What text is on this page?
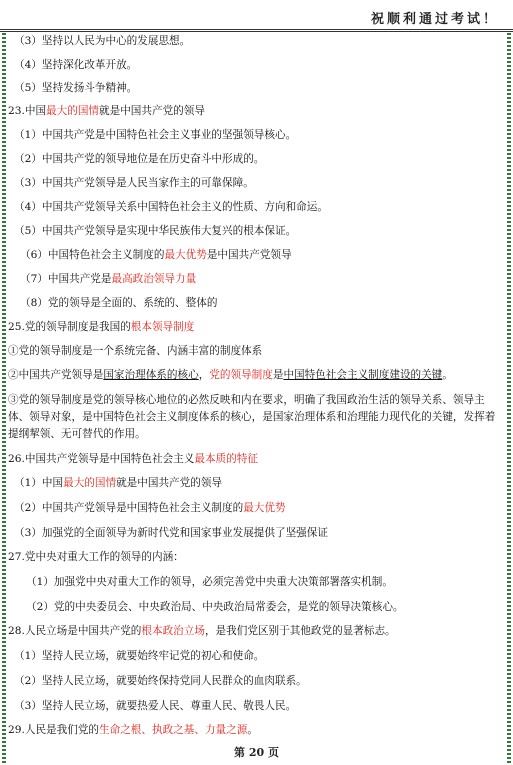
祝顺利通过考试！
（3）坚持以人民为中心的发展思想。
（4）坚持深化改革开放。
（5）坚持发扬斗争精神。
23.中国最大的国情就是中国共产党的领导
（1）中国共产党是中国特色社会主义事业的坚强领导核心。
（2）中国共产党的领导地位是在历史奋斗中形成的。
（3）中国共产党领导是人民当家作主的可靠保障。
（4）中国共产党领导关系中国特色社会主义的性质、方向和命运。
（5）中国共产党领导是实现中华民族伟大复兴的根本保证。
（6）中国特色社会主义制度的最大优势是中国共产党领导
（7）中国共产党是最高政治领导力量
（8）党的领导是全面的、系统的、整体的
25.党的领导制度是我国的根本领导制度
①党的领导制度是一个系统完备、内涵丰富的制度体系
②中国共产党领导是国家治理体系的核心，党的领导制度是中国特色社会主义制度建设的关键。
③党的领导制度是党的领导核心地位的必然反映和内在要求，明确了我国政治生活的领导关系、领导主体、领导对象，是中国特色社会主义制度体系的核心，是国家治理体系和治理能力现代化的关键，发挥着提纲挈领、无可替代的作用。
26.中国共产党领导是中国特色社会主义最本质的特征
（1）中国最大的国情就是中国共产党的领导
（2）中国共产党领导是中国特色社会主义制度的最大优势
（3）加强党的全面领导为新时代党和国家事业发展提供了坚强保证
27.党中央对重大工作的领导的内涵：
（1）加强党中央对重大工作的领导，必须完善党中央重大决策部署落实机制。
（2）党的中央委员会、中央政治局、中央政治局常委会，是党的领导决策核心。
28.人民立场是中国共产党的根本政治立场，是我们党区别于其他政党的显著标志。
（1）坚持人民立场，就要始终牢记党的初心和使命。
（2）坚持人民立场，就要始终保持党同人民群众的血肉联系。
（3）坚持人民立场，就要热爱人民、尊重人民、敬畏人民。
29.人民是我们党的生命之根、执政之基、力量之源。
第 20 页
